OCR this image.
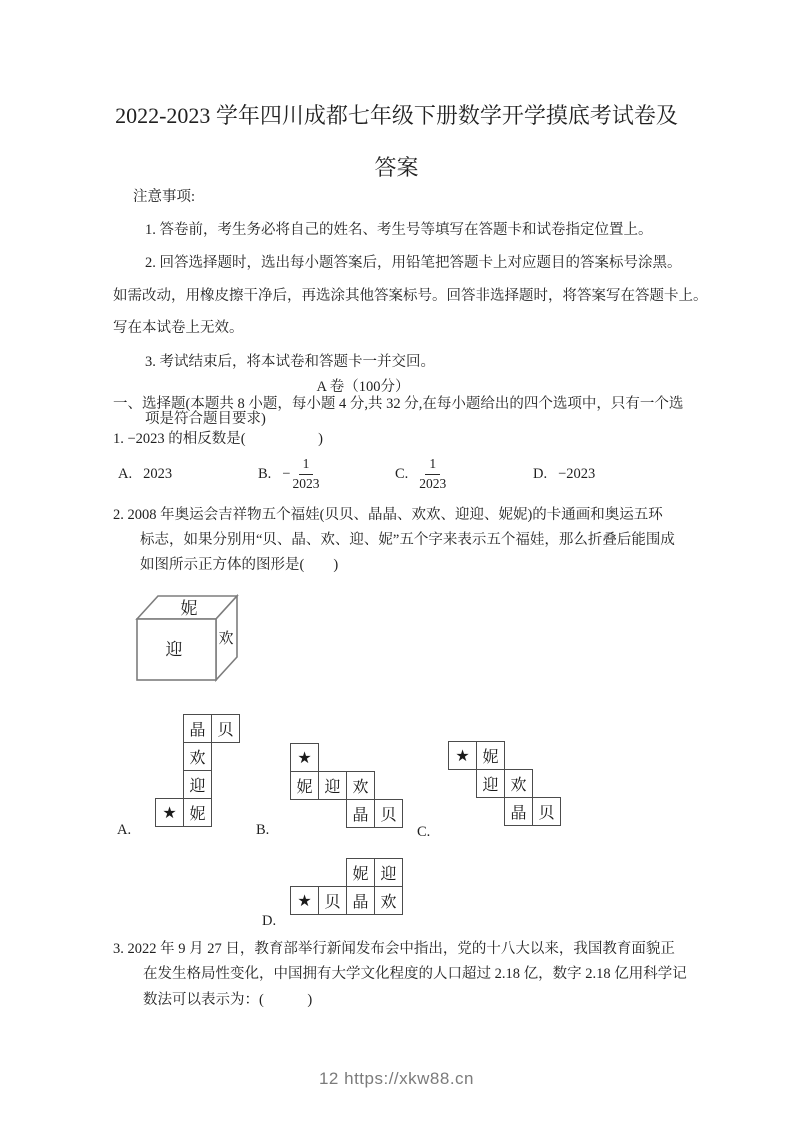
2022-2023 学年四川成都七年级下册数学开学摸底考试卷及
答案
注意事项:
1. 答卷前，考生务必将自己的姓名、考生号等填写在答题卡和试卷指定位置上。
2. 回答选择题时，选出每小题答案后，用铅笔把答题卡上对应题目的答案标号涂黑。
如需改动，用橡皮擦干净后，再选涂其他答案标号。回答非选择题时，将答案写在答题卡上。
写在本试卷上无效。
3. 考试结束后，将本试卷和答题卡一并交回。
A 卷（100分）
一、选择题(本题共 8 小题，每小题 4 分,共 32 分,在每小题给出的四个选项中，只有一个选
项是符合题目要求)
1. −2023 的相反数是(　　　　　)
A. 2023	B. − $\frac{1}{2023}$	C. $\frac{1}{2023}$	D. −2023
2. 2008 年奥运会吉祥物五个福娃(贝贝、晶晶、欢欢、迎迎、妮妮)的卡通画和奥运五环
标志，如果分别用“贝、晶、欢、迎、妮”五个字来表示五个福娃，那么折叠后能围成
如图所示正方体的图形是(　　)
妮
迎
欢
晶 贝
欢
迎
★ 妮
★
妮 迎 欢
晶 贝
★ 妮
迎 欢
晶 贝
妮 迎
★ 贝 晶 欢
A.	B.	C.
D.
3. 2022 年 9 月 27 日，教育部举行新闻发布会中指出，党的十八大以来，我国教育面貌正
在发生格局性变化，中国拥有大学文化程度的人口超过 2.18 亿，数字 2.18 亿用科学记
数法可以表示为：(　　　)
12 https://xkw88.cn
